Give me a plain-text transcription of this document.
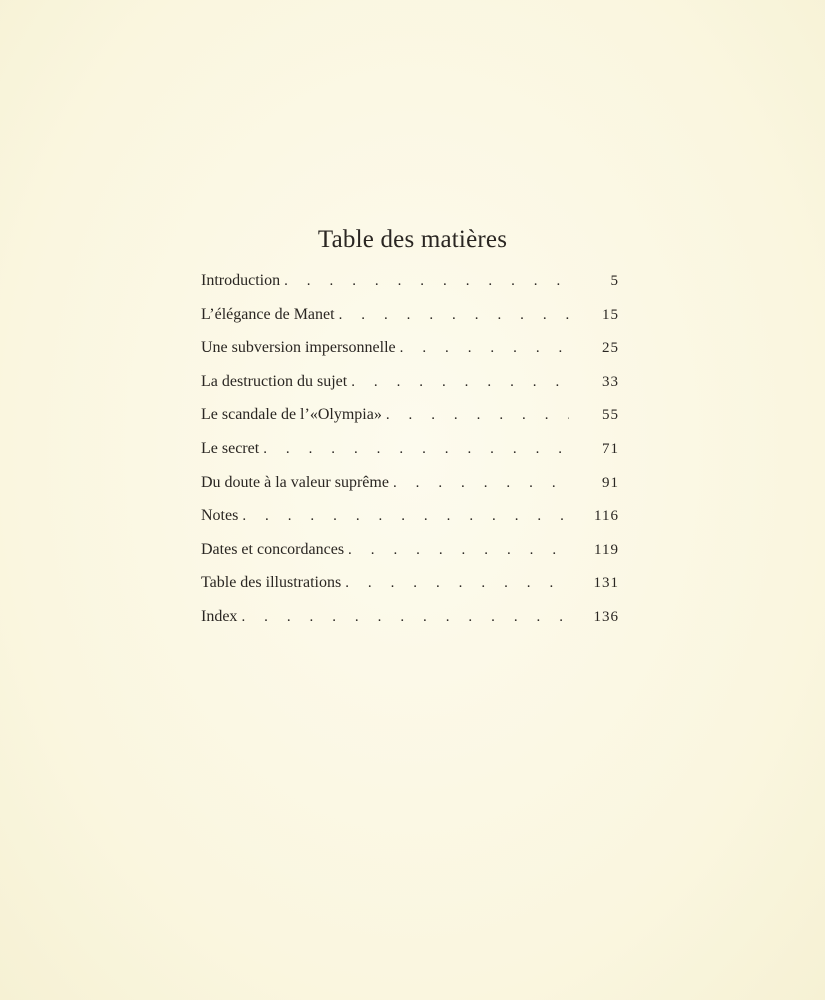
Table des matières
Introduction . . .	5
L’élégance de Manet . . .	15
Une subversion impersonnelle . . .	25
La destruction du sujet . . .	33
Le scandale de l’«Olympia» . . .	55
Le secret . . .	71
Du doute à la valeur suprême . . .	91
Notes . . .	116
Dates et concordances . . .	119
Table des illustrations . . .	131
Index . . .	136
